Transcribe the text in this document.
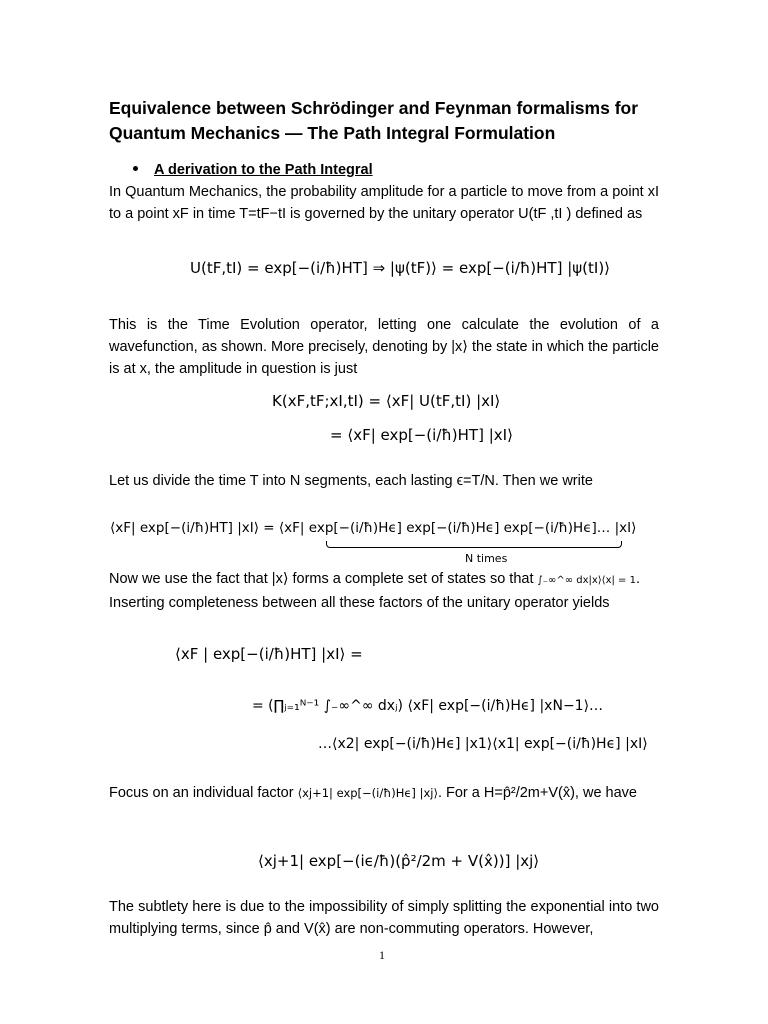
Equivalence between Schrödinger and Feynman formalisms for Quantum Mechanics — The Path Integral Formulation
A derivation to the Path Integral
In Quantum Mechanics, the probability amplitude for a particle to move from a point xI to a point xF in time T=tF−tI is governed by the unitary operator U(tF ,tI ) defined as
U(tF,tI) = exp[−(i/ħ)HT] ⇒ |ψ(tF)⟩ = exp[−(i/ħ)HT] |ψ(tI)⟩
This is the Time Evolution operator, letting one calculate the evolution of a wavefunction, as shown. More precisely, denoting by |x⟩ the state in which the particle is at x, the amplitude in question is just
K(xF,tF;xI,tI) = ⟨xF| U(tF,tI) |xI⟩
= ⟨xF| exp[−(i/ħ)HT] |xI⟩
Let us divide the time T into N segments, each lasting ϵ=T/N. Then we write
⟨xF| exp[−(i/ħ)HT] |xI⟩ = ⟨xF| exp[−(i/ħ)Hϵ] exp[−(i/ħ)Hϵ] exp[−(i/ħ)Hϵ]… |xI⟩
N times
Now we use the fact that |x⟩ forms a complete set of states so that ∫₋∞^∞ dx|x⟩⟨x| = 1.
Inserting completeness between all these factors of the unitary operator yields
⟨xF | exp[−(i/ħ)HT] |xI⟩ =
= (∏ⱼ₌₁ᴺ⁻¹ ∫₋∞^∞ dxⱼ) ⟨xF| exp[−(i/ħ)Hϵ] |xN−1⟩…
…⟨x2| exp[−(i/ħ)Hϵ] |x1⟩⟨x1| exp[−(i/ħ)Hϵ] |xI⟩
Focus on an individual factor ⟨xj+1| exp[−(i/ħ)Hϵ] |xj⟩. For a H=p̂²/2m+V(x̂), we have
⟨xj+1| exp[−(iϵ/ħ)(p̂²/2m + V(x̂))] |xj⟩
The subtlety here is due to the impossibility of simply splitting the exponential into two multiplying terms, since p̂ and V(x̂) are non-commuting operators. However,
1
